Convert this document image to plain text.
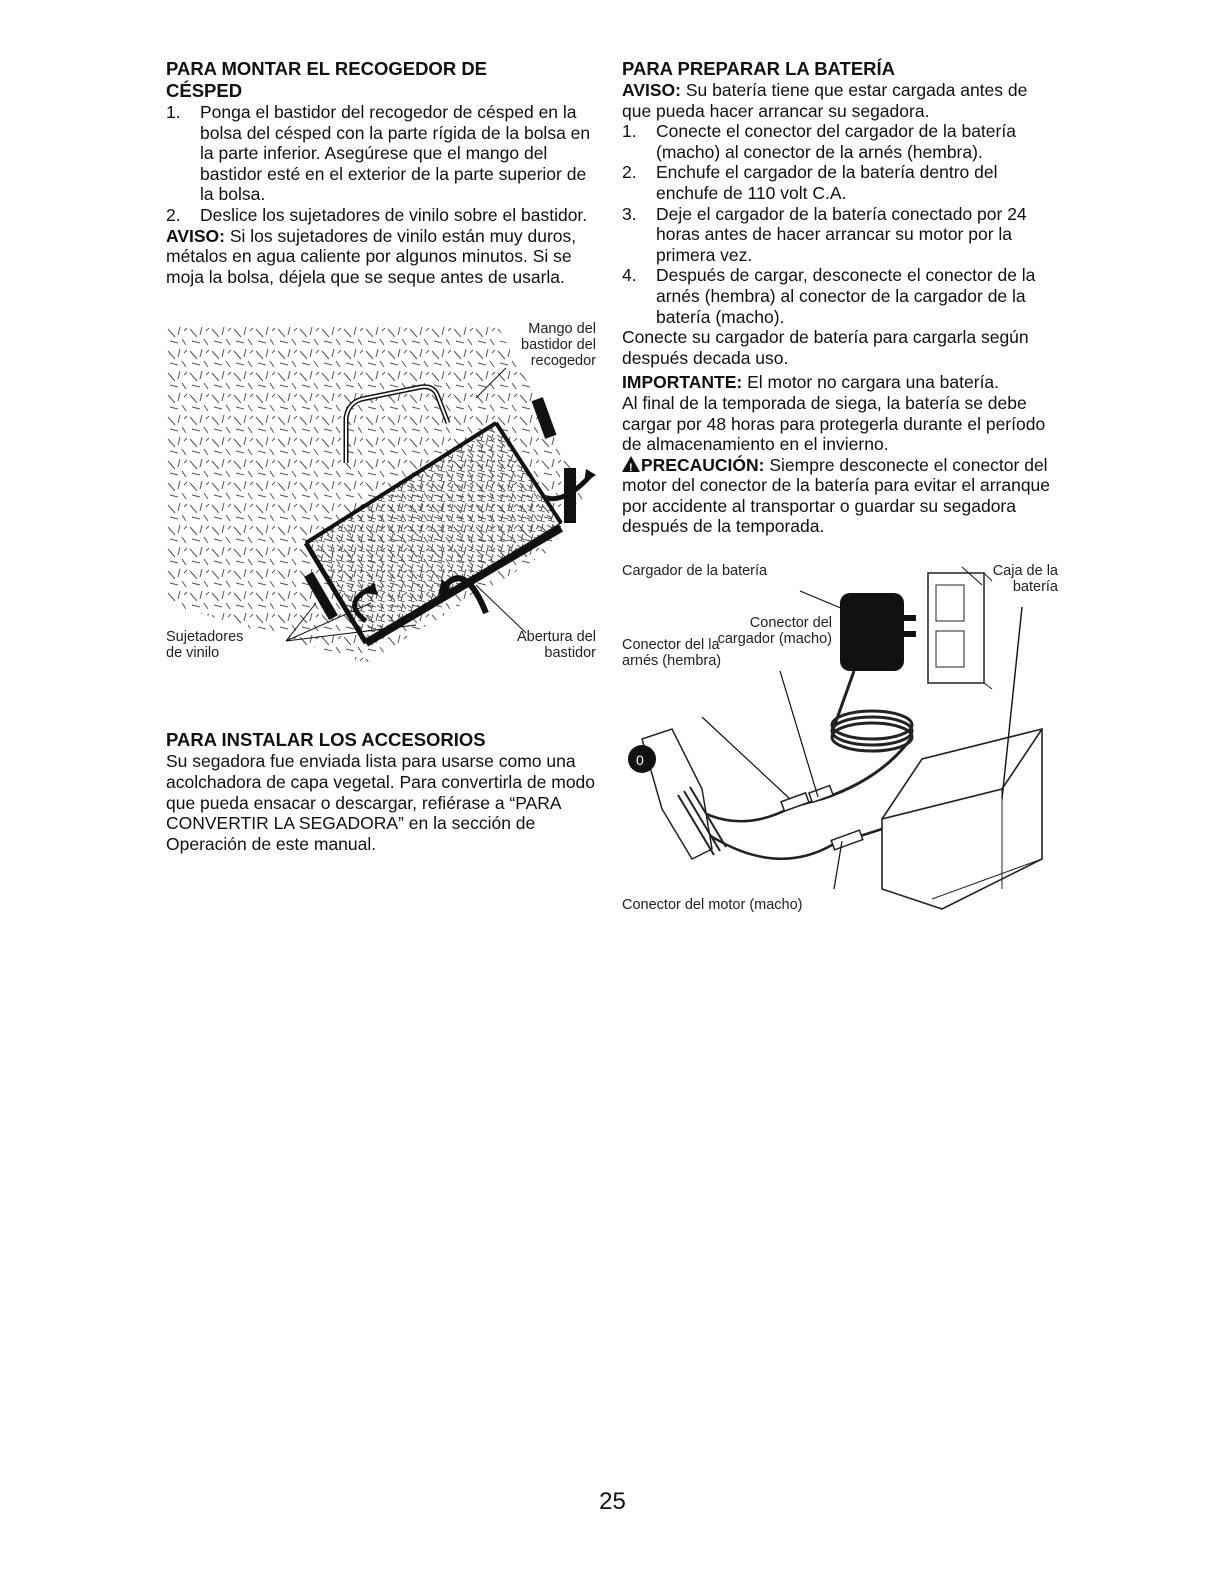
PARA MONTAR EL RECOGEDOR DE
CÉSPED

1. Ponga el bastidor del recogedor de césped en la bolsa del césped con la parte rígida de la bolsa en la parte inferior. Asegúrese que el mango del bastidor esté en el exterior de la parte superior de la bolsa.
2. Deslice los sujetadores de vinilo sobre el bastidor.

AVISO: Si los sujetadores de vinilo están muy duros, métalos en agua caliente por algunos minutos. Si se moja la bolsa, déjela que se seque antes de usarla.

Mango del bastidor del recogedor
Sujetadores de vinilo
Abertura del bastidor

PARA INSTALAR LOS ACCESORIOS

Su segadora fue enviada lista para usarse como una acolchadora de capa vegetal. Para convertirla de modo que pueda ensacar o descargar, refiérase a “PARA CONVERTIR LA SEGADORA” en la sección de Operación de este manual.

PARA PREPARAR LA BATERÍA

AVISO: Su batería tiene que estar cargada antes de que pueda hacer arrancar su segadora.

1. Conecte el conector del cargador de la batería (macho) al conector de la arnés (hembra).
2. Enchufe el cargador de la batería dentro del enchufe de 110 volt C.A.
3. Deje el cargador de la batería conectado por 24 horas antes de hacer arrancar su motor por la primera vez.
4. Después de cargar, desconecte el conector de la arnés (hembra) al conector de la cargador de la batería (macho).

Conecte su cargador de batería para cargarla según después decada uso.

IMPORTANTE: El motor no cargara una batería.

Al final de la temporada de siega, la batería se debe cargar por 48 horas para protegerla durante el período de almacenamiento en el invierno.

!PRECAUCIÓN: Siempre desconecte el conector del motor del conector de la batería para evitar el arranque por accidente al transportar o guardar su segadora después de la temporada.

0
Cargador de la batería	Caja de la batería
Conector del cargador (macho)
Conector del la arnés (hembra)
Conector del motor (macho)
25
